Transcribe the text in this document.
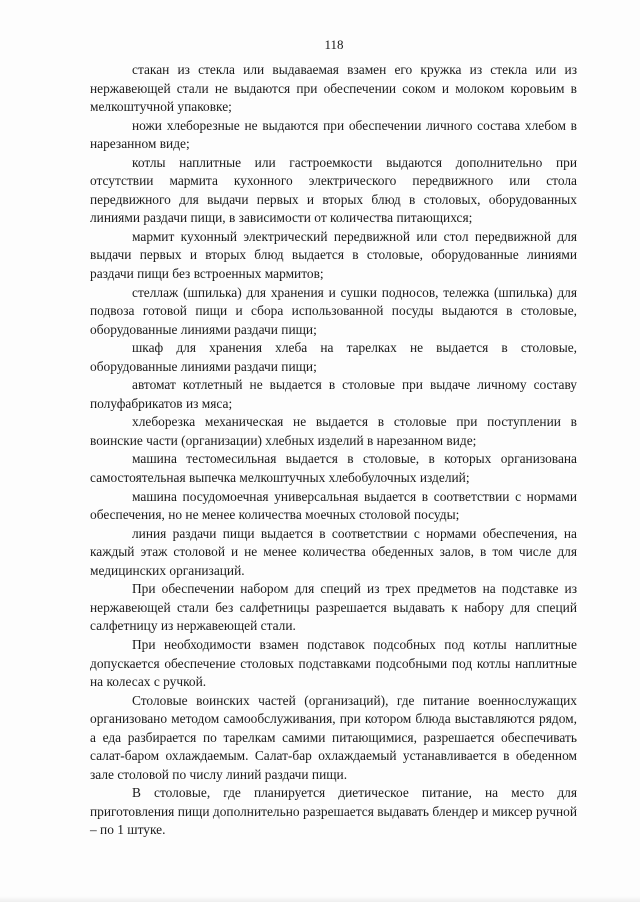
118

стакан из стекла или выдаваемая взамен его кружка из стекла или из нержавеющей стали не выдаются при обеспечении соком и молоком коровьим в мелкоштучной упаковке;

ножи хлеборезные не выдаются при обеспечении личного состава хлебом в нарезанном виде;

котлы наплитные или гастроемкости выдаются дополнительно при отсутствии мармита кухонного электрического передвижного или стола передвижного для выдачи первых и вторых блюд в столовых, оборудованных линиями раздачи пищи, в зависимости от количества питающихся;

мармит кухонный электрический передвижной или стол передвижной для выдачи первых и вторых блюд выдается в столовые, оборудованные линиями раздачи пищи без встроенных мармитов;

стеллаж (шпилька) для хранения и сушки подносов, тележка (шпилька) для подвоза готовой пищи и сбора использованной посуды выдаются в столовые, оборудованные линиями раздачи пищи;

шкаф для хранения хлеба на тарелках не выдается в столовые, оборудованные линиями раздачи пищи;

автомат котлетный не выдается в столовые при выдаче личному составу полуфабрикатов из мяса;

хлеборезка механическая не выдается в столовые при поступлении в воинские части (организации) хлебных изделий в нарезанном виде;

машина тестомесильная выдается в столовые, в которых организована самостоятельная выпечка мелкоштучных хлебобулочных изделий;

машина посудомоечная универсальная выдается в соответствии с нормами обеспечения, но не менее количества моечных столовой посуды;

линия раздачи пищи выдается в соответствии с нормами обеспечения, на каждый этаж столовой и не менее количества обеденных залов, в том числе для медицинских организаций.

При обеспечении набором для специй из трех предметов на подставке из нержавеющей стали без салфетницы разрешается выдавать к набору для специй салфетницу из нержавеющей стали.

При необходимости взамен подставок подсобных под котлы наплитные допускается обеспечение столовых подставками подсобными под котлы наплитные на колесах с ручкой.

Столовые воинских частей (организаций), где питание военнослужащих организовано методом самообслуживания, при котором блюда выставляются рядом, а еда разбирается по тарелкам самими питающимися, разрешается обеспечивать салат-баром охлаждаемым. Салат-бар охлаждаемый устанавливается в обеденном зале столовой по числу линий раздачи пищи.

В столовые, где планируется диетическое питание, на место для приготовления пищи дополнительно разрешается выдавать блендер и миксер ручной – по 1 штуке.
